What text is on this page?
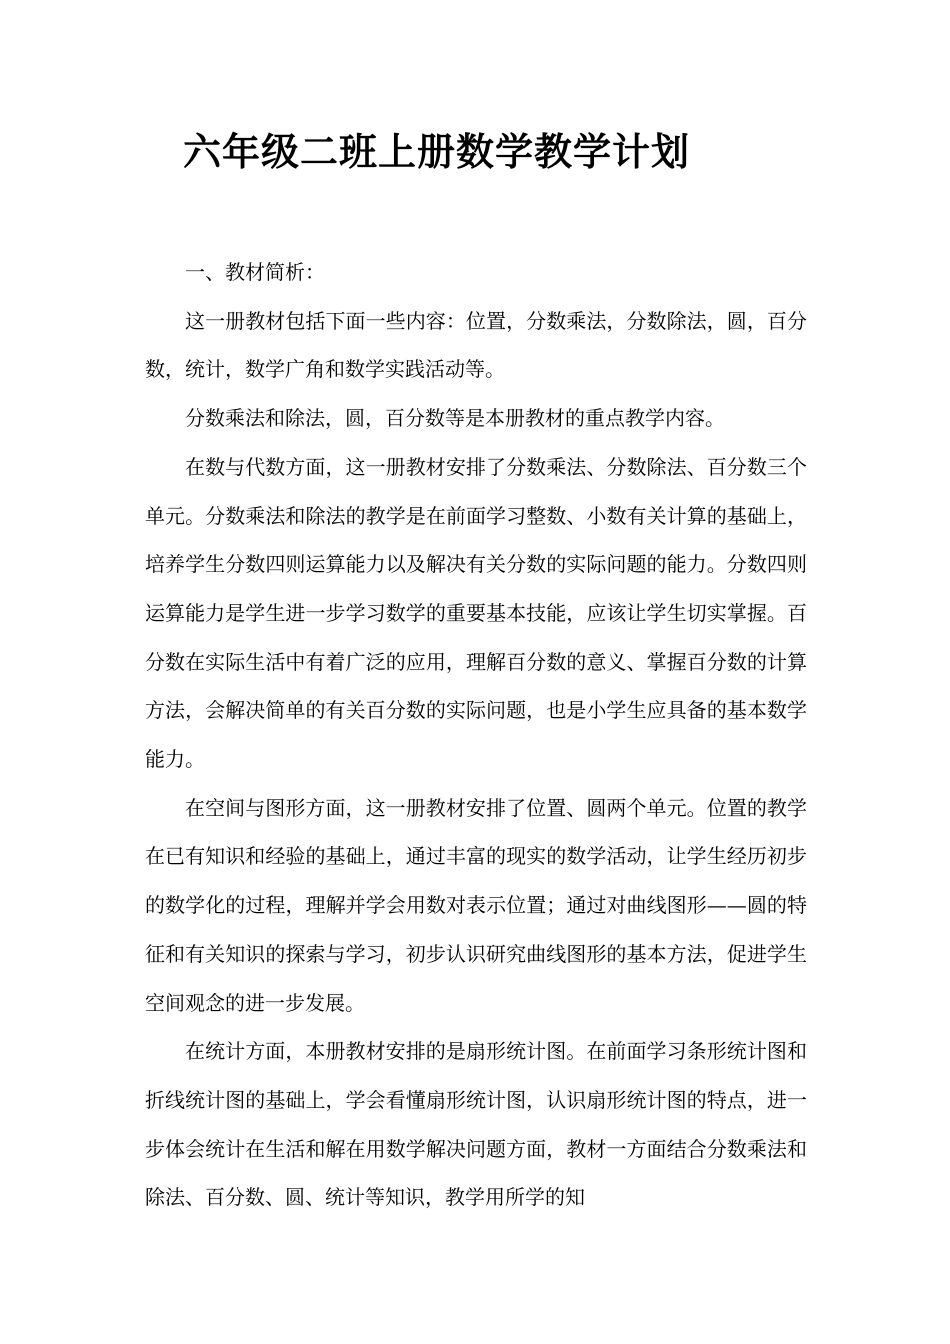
六年级二班上册数学教学计划

一、教材简析：

这一册教材包括下面一些内容：位置，分数乘法，分数除法，圆，百分数，统计，数学广角和数学实践活动等。

分数乘法和除法，圆，百分数等是本册教材的重点教学内容。

在数与代数方面，这一册教材安排了分数乘法、分数除法、百分数三个单元。分数乘法和除法的教学是在前面学习整数、小数有关计算的基础上，培养学生分数四则运算能力以及解决有关分数的实际问题的能力。分数四则运算能力是学生进一步学习数学的重要基本技能，应该让学生切实掌握。百分数在实际生活中有着广泛的应用，理解百分数的意义、掌握百分数的计算方法，会解决简单的有关百分数的实际问题，也是小学生应具备的基本数学能力。

在空间与图形方面，这一册教材安排了位置、圆两个单元。位置的教学在已有知识和经验的基础上，通过丰富的现实的数学活动，让学生经历初步的数学化的过程，理解并学会用数对表示位置；通过对曲线图形——圆的特征和有关知识的探索与学习，初步认识研究曲线图形的基本方法，促进学生空间观念的进一步发展。

在统计方面，本册教材安排的是扇形统计图。在前面学习条形统计图和折线统计图的基础上，学会看懂扇形统计图，认识扇形统计图的特点，进一步体会统计在生活和解在用数学解决问题方面，教材一方面结合分数乘法和除法、百分数、圆、统计等知识，教学用所学的知
